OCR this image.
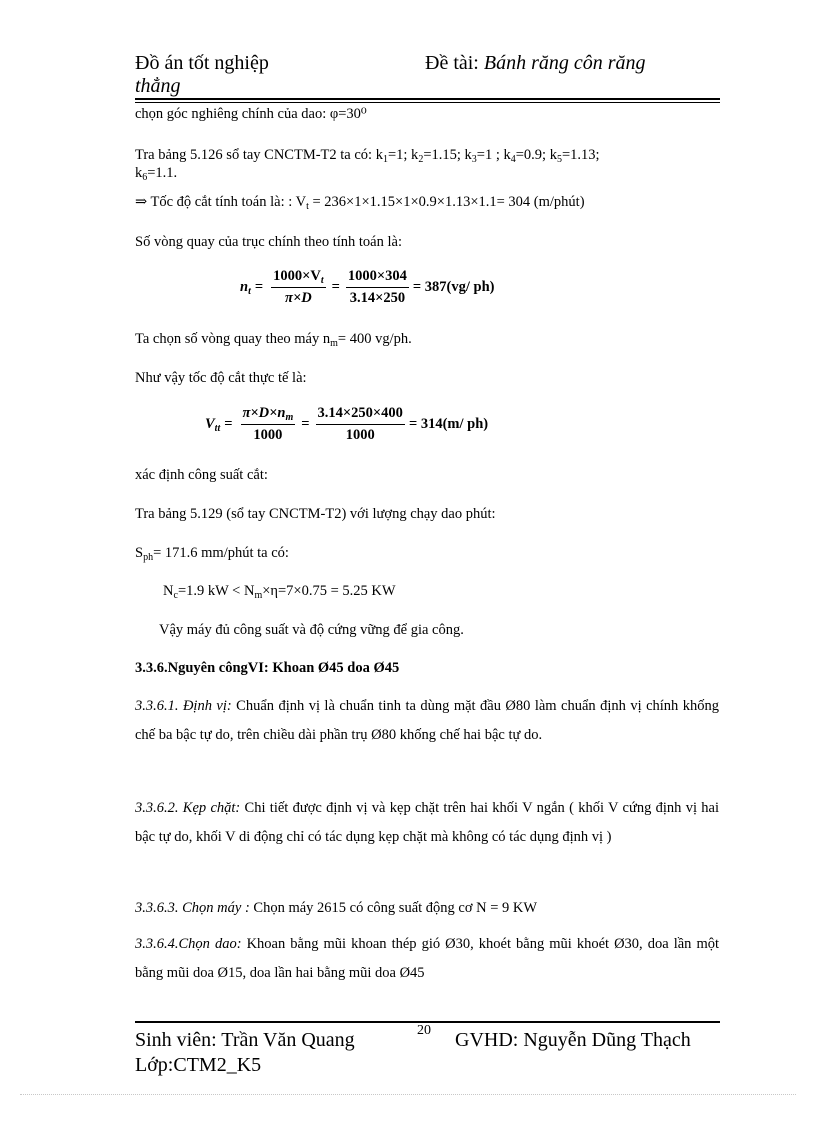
Đồ án tốt nghiệp	Đề tài: Bánh răng côn răng
thẳng
chọn góc nghiêng chính của dao: φ=30⁰
Tra bảng 5.126 sổ tay CNCTM-T2 ta có: $k_1=1$; $k_2=1.15$; $k_3=1$ ; $k_4=0.9$; $k_5=1.13$;
$k_6=1.1$.
⇒ Tốc độ cắt tính toán là: : $V_t = 236\times 1\times 1.15\times 1\times 0.9\times 1.13\times 1.1= 304$ (m/phút)
Số vòng quay của trục chính theo tính toán là:
$n_t = \frac{1000\times V_t}{\pi\times D} = \frac{1000\times 304}{3.14\times 250} = 387(vg/$ ph)
Ta chọn số vòng quay theo máy $n_m= 400$ vg/ph.
Như vậy tốc độ cắt thực tế là:
$V_{tt} = \frac{\pi\times D\times n_m}{1000} = \frac{3.14\times 250\times 400}{1000} = 314(m/$ ph)
xác định công suất cắt:
Tra bảng 5.129 (sổ tay CNCTM-T2) với lượng chạy dao phút:
$S_{ph}= 171.6$ mm/phút ta có:
$N_c=1.9$ kW < $N_m\times\eta=7\times 0.75 = 5.25$ KW
Vậy máy đủ công suất và độ cứng vững để gia công.
3.3.6.Nguyên côngVI: Khoan Ø45 doa Ø45
3.3.6.1. Định vị: Chuẩn định vị là chuẩn tinh ta dùng mặt đầu Ø80 làm chuẩn định vị chính khống chế ba bậc tự do, trên chiều dài phần trụ Ø80 khống chế hai bậc tự do.
3.3.6.2. Kẹp chặt: Chi tiết được định vị và kẹp chặt trên hai khối V ngắn ( khối V cứng định vị hai bậc tự do, khối V di động chỉ có tác dụng kẹp chặt mà không có tác dụng định vị )
3.3.6.3. Chọn máy : Chọn máy 2615 có công suất động cơ N = 9 KW
3.3.6.4.Chọn dao: Khoan bằng mũi khoan thép gió Ø30, khoét bằng mũi khoét Ø30, doa lần một bằng mũi doa Ø15, doa lần hai bằng mũi doa Ø45
Sinh viên: Trần Văn Quang	20 GVHD: Nguyễn Dũng Thạch
Lớp:CTM2_K5
